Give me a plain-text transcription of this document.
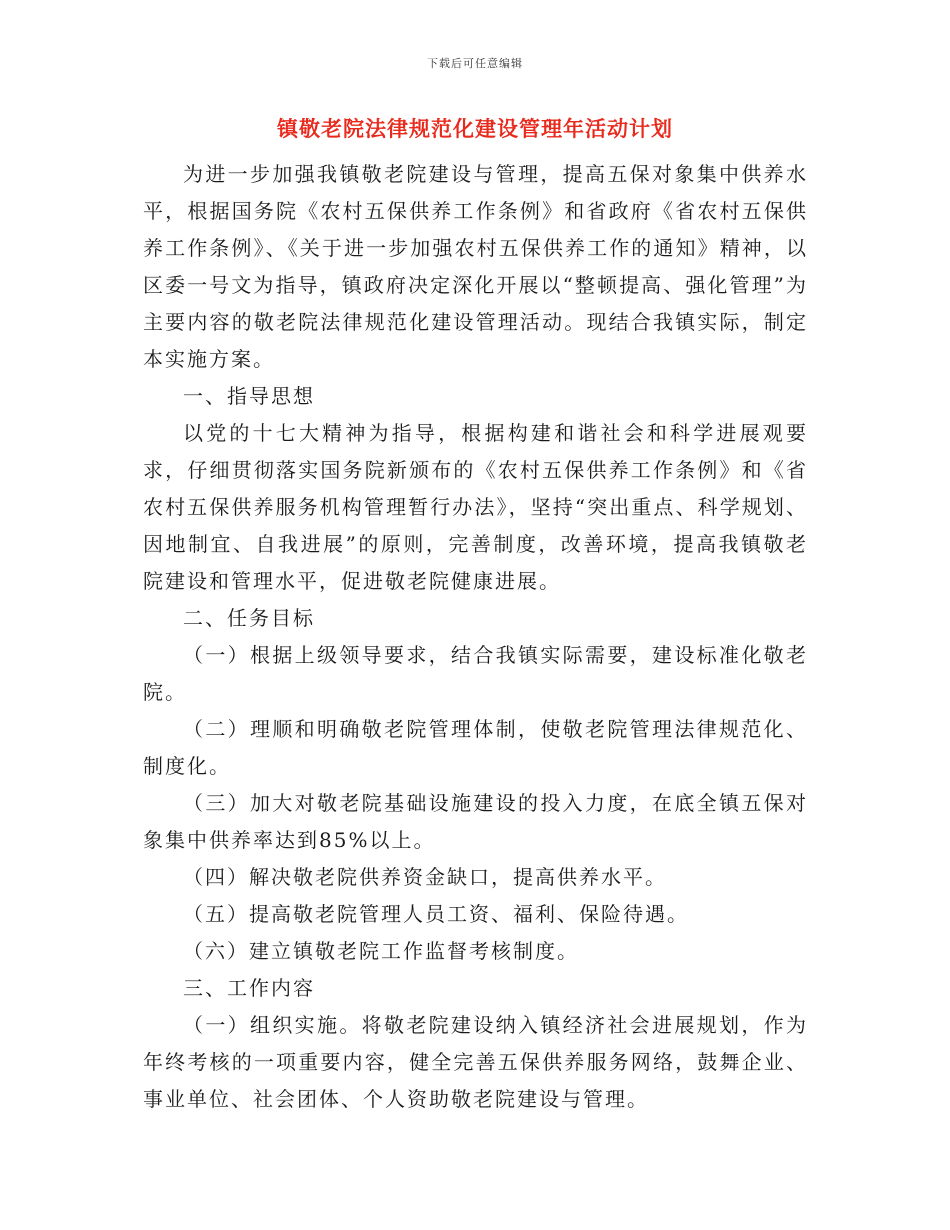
下载后可任意编辑
镇敬老院法律规范化建设管理年活动计划

为进一步加强我镇敬老院建设与管理，提高五保对象集中供养水平，根据国务院《农村五保供养工作条例》和省政府《省农村五保供养工作条例》、《关于进一步加强农村五保供养工作的通知》精神，以区委一号文为指导，镇政府决定深化开展以“整顿提高、强化管理”为主要内容的敬老院法律规范化建设管理活动。现结合我镇实际，制定本实施方案。

一、指导思想

以党的十七大精神为指导，根据构建和谐社会和科学进展观要求，仔细贯彻落实国务院新颁布的《农村五保供养工作条例》和《省农村五保供养服务机构管理暂行办法》，坚持“突出重点、科学规划、因地制宜、自我进展”的原则，完善制度，改善环境，提高我镇敬老院建设和管理水平，促进敬老院健康进展。

二、任务目标

（一）根据上级领导要求，结合我镇实际需要，建设标准化敬老院。

（二）理顺和明确敬老院管理体制，使敬老院管理法律规范化、制度化。

（三）加大对敬老院基础设施建设的投入力度，在底全镇五保对象集中供养率达到85%以上。

（四）解决敬老院供养资金缺口，提高供养水平。

（五）提高敬老院管理人员工资、福利、保险待遇。

（六）建立镇敬老院工作监督考核制度。

三、工作内容

（一）组织实施。将敬老院建设纳入镇经济社会进展规划，作为年终考核的一项重要内容，健全完善五保供养服务网络，鼓舞企业、事业单位、社会团体、个人资助敬老院建设与管理。
